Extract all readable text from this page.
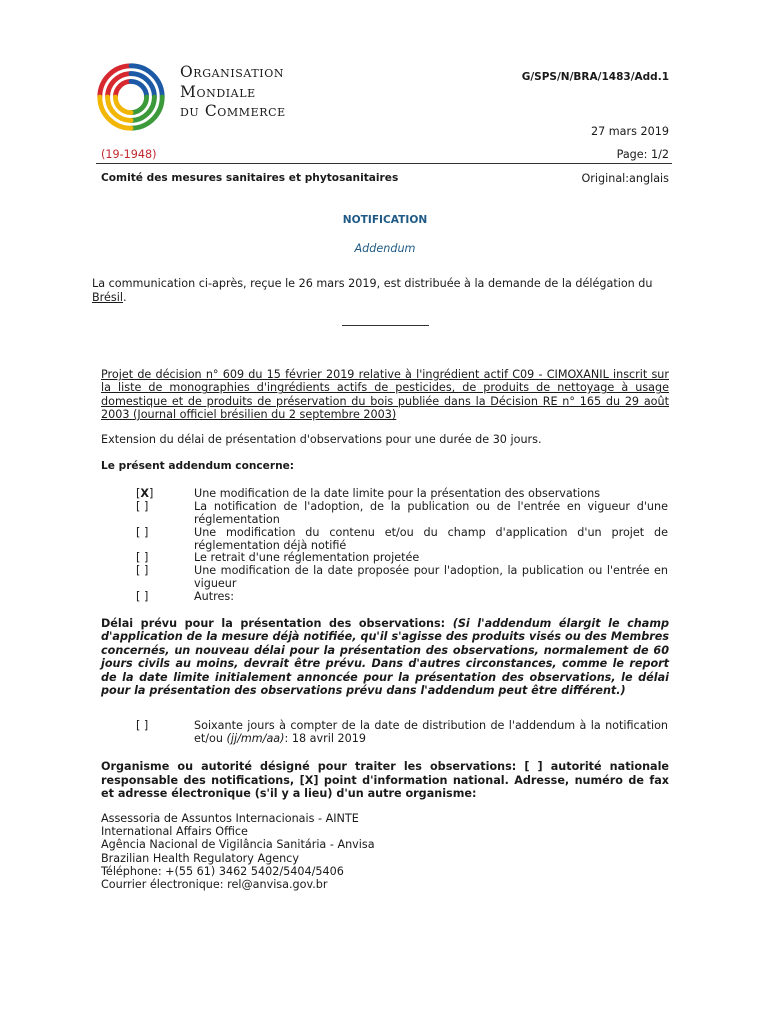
Organisation
Mondiale
du Commerce
G/SPS/N/BRA/1483/Add.1
27 mars 2019
(19-1948)	Page: 1/2
Comité des mesures sanitaires et phytosanitaires	Original:anglais
NOTIFICATION
Addendum
La communication ci-après, reçue le 26 mars 2019, est distribuée à la demande de la délégation du Brésil.
Projet de décision n° 609 du 15 février 2019 relative à l'ingrédient actif C09 - CIMOXANIL inscrit sur la liste de monographies d'ingrédients actifs de pesticides, de produits de nettoyage à usage domestique et de produits de préservation du bois publiée dans la Décision RE n° 165 du 29 août 2003 (Journal officiel brésilien du 2 septembre 2003)
Extension du délai de présentation d'observations pour une durée de 30 jours.
Le présent addendum concerne:
[X]	Une modification de la date limite pour la présentation des observations
[ ]	La notification de l'adoption, de la publication ou de l'entrée en vigueur d'une réglementation
[ ]	Une modification du contenu et/ou du champ d'application d'un projet de réglementation déjà notifié
[ ]	Le retrait d'une réglementation projetée
[ ]	Une modification de la date proposée pour l'adoption, la publication ou l'entrée en vigueur
[ ]	Autres:
Délai prévu pour la présentation des observations: (Si l'addendum élargit le champ d'application de la mesure déjà notifiée, qu'il s'agisse des produits visés ou des Membres concernés, un nouveau délai pour la présentation des observations, normalement de 60 jours civils au moins, devrait être prévu. Dans d'autres circonstances, comme le report de la date limite initialement annoncée pour la présentation des observations, le délai pour la présentation des observations prévu dans l'addendum peut être différent.)
[ ]	Soixante jours à compter de la date de distribution de l'addendum à la notification et/ou (jj/mm/aa): 18 avril 2019
Organisme ou autorité désigné pour traiter les observations: [ ] autorité nationale responsable des notifications, [X] point d'information national. Adresse, numéro de fax et adresse électronique (s'il y a lieu) d'un autre organisme:
Assessoria de Assuntos Internacionais - AINTE
International Affairs Office
Agência Nacional de Vigilância Sanitária - Anvisa
Brazilian Health Regulatory Agency
Téléphone: +(55 61) 3462 5402/5404/5406
Courrier électronique: rel@anvisa.gov.br
